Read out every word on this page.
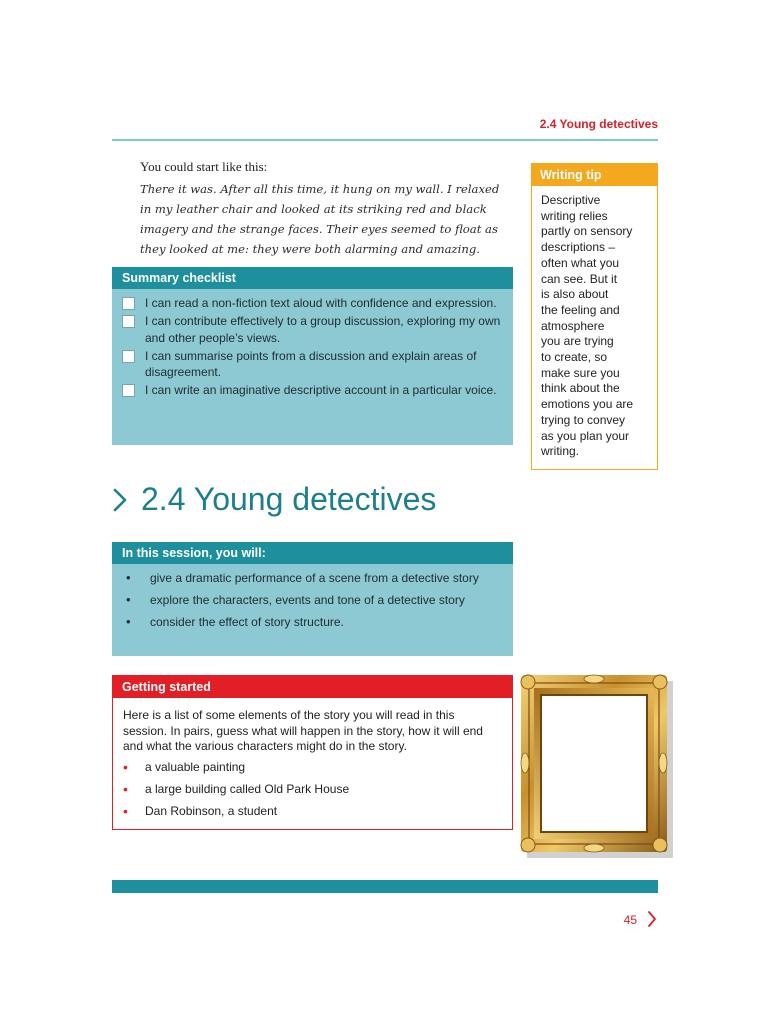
2.4 Young detectives
You could start like this:
There it was. After all this time, it hung on my wall. I relaxed
in my leather chair and looked at its striking red and black
imagery and the strange faces. Their eyes seemed to float as
they looked at me: they were both alarming and amazing.
Summary checklist
I can read a non-fiction text aloud with confidence and expression.
I can contribute effectively to a group discussion, exploring my own and other people’s views.
I can summarise points from a discussion and explain areas of disagreement.
I can write an imaginative descriptive account in a particular voice.
Writing tip
Descriptive
writing relies
partly on sensory
descriptions –
often what you
can see. But it
is also about
the feeling and
atmosphere
you are trying
to create, so
make sure you
think about the
emotions you are
trying to convey
as you plan your
writing.
2.4 Young detectives
In this session, you will:
•	give a dramatic performance of a scene from a detective story
•	explore the characters, events and tone of a detective story
•	consider the effect of story structure.
Getting started
Here is a list of some elements of the story you will read in this session. In pairs, guess what will happen in the story, how it will end and what the various characters might do in the story.
•	a valuable painting
•	a large building called Old Park House
•	Dan Robinson, a student
45
